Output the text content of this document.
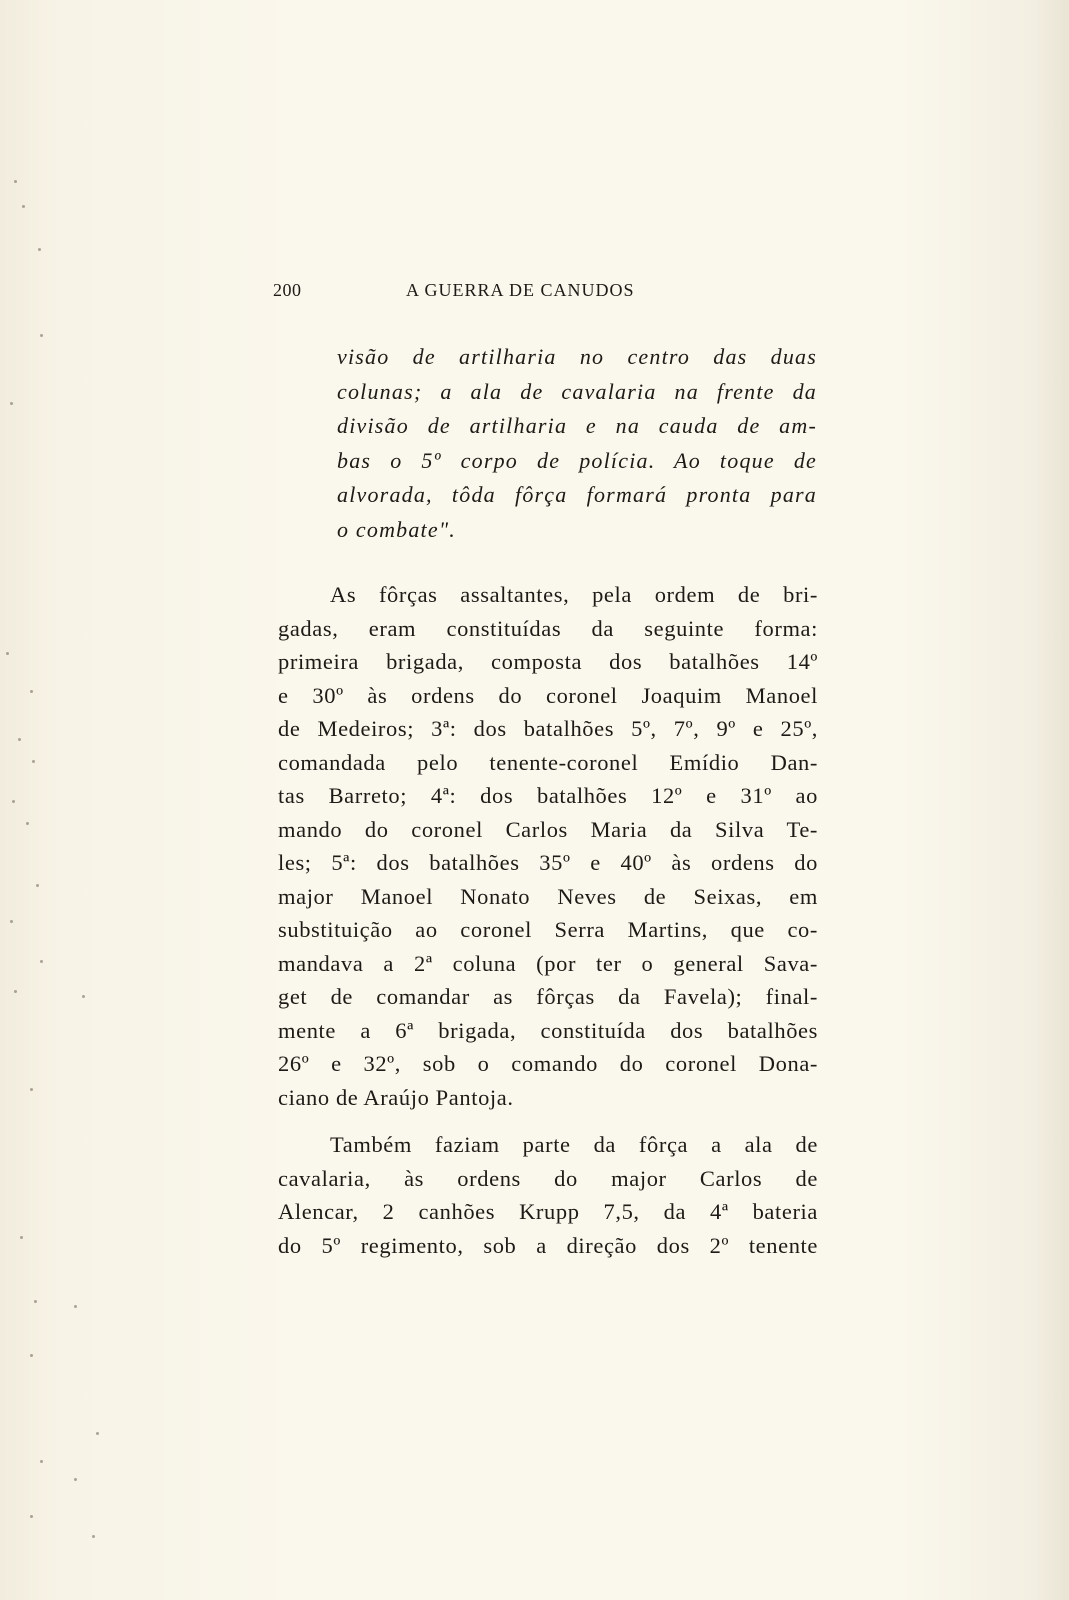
200	A GUERRA DE CANUDOS
visão de artilharia no centro das duas
colunas; a ala de cavalaria na frente da
divisão de artilharia e na cauda de am-
bas o 5º corpo de polícia. Ao toque de
alvorada, tôda fôrça formará pronta para
o combate".
As fôrças assaltantes, pela ordem de bri-
gadas, eram constituídas da seguinte forma:
primeira brigada, composta dos batalhões 14º
e 30º às ordens do coronel Joaquim Manoel
de Medeiros; 3ª: dos batalhões 5º, 7º, 9º e 25º,
comandada pelo tenente-coronel Emídio Dan-
tas Barreto; 4ª: dos batalhões 12º e 31º ao
mando do coronel Carlos Maria da Silva Te-
les; 5ª: dos batalhões 35º e 40º às ordens do
major Manoel Nonato Neves de Seixas, em
substituição ao coronel Serra Martins, que co-
mandava a 2ª coluna (por ter o general Sava-
get de comandar as fôrças da Favela); final-
mente a 6ª brigada, constituída dos batalhões
26º e 32º, sob o comando do coronel Dona-
ciano de Araújo Pantoja.
Também faziam parte da fôrça a ala de
cavalaria, às ordens do major Carlos de
Alencar, 2 canhões Krupp 7,5, da 4ª bateria
do 5º regimento, sob a direção dos 2º tenente
